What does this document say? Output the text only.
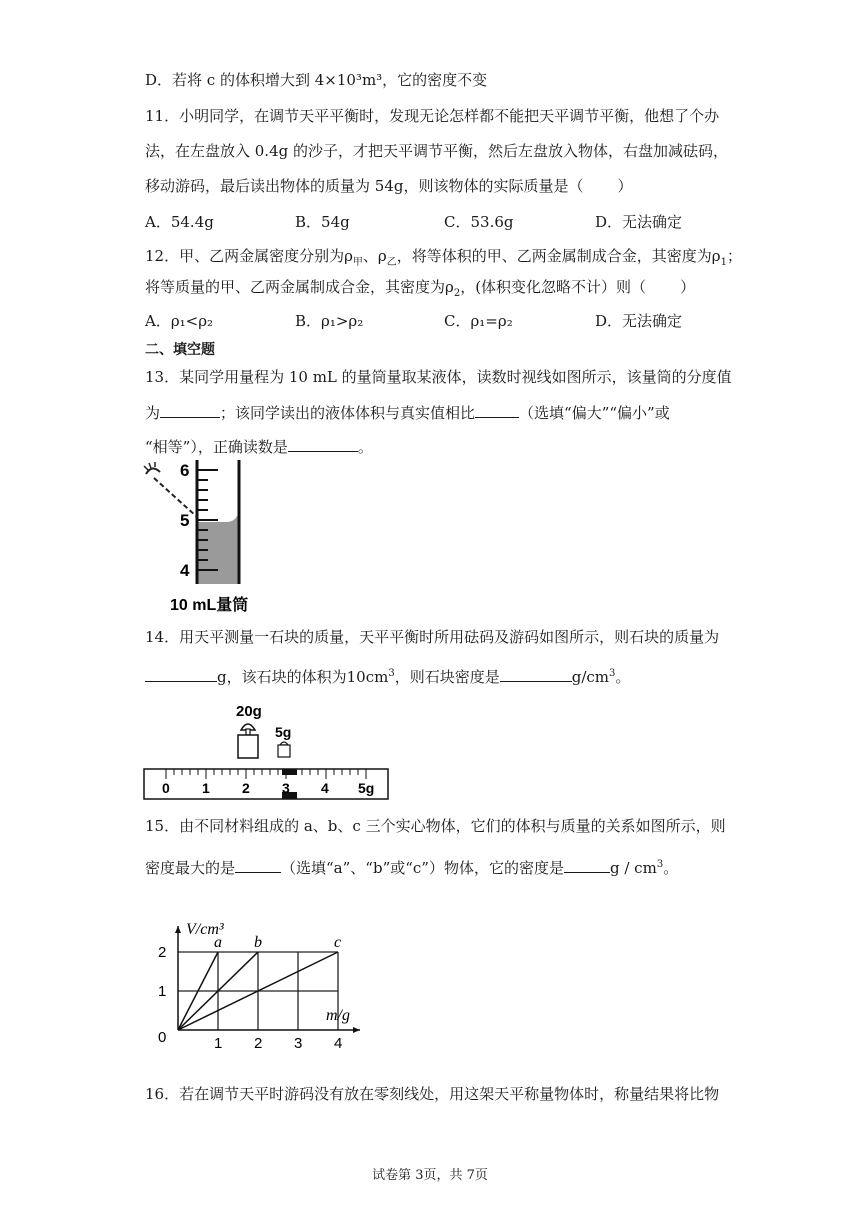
D．若将 c 的体积增大到 4×10³m³，它的密度不变
11．小明同学，在调节天平平衡时，发现无论怎样都不能把天平调节平衡，他想了个办
法，在左盘放入 0.4g 的沙子，才把天平调节平衡，然后左盘放入物体，右盘加减砝码，
移动游码，最后读出物体的质量为 54g，则该物体的实际质量是（ ）
A．54.4g	B．54g	C．53.6g	D．无法确定
12．甲、乙两金属密度分别为$\rho_甲$、$\rho_乙$，将等体积的甲、乙两金属制成合金，其密度为$\rho_1$；
将等质量的甲、乙两金属制成合金，其密度为$\rho_2$，(体积变化忽略不计）则（ ）
A．ρ₁<ρ₂	B．ρ₁>ρ₂	C．ρ₁=ρ₂	D．无法确定
二、填空题
13．某同学用量程为 10 mL 的量筒量取某液体，读数时视线如图所示，该量筒的分度值
为	；该同学读出的液体体积与真实值相比	（选填“偏大”“偏小”或
“相等”），正确读数是	。
6
5
4
10 mL量筒
14．用天平测量一石块的质量，天平平衡时所用砝码及游码如图所示，则石块的质量为
g，该石块的体积为$10cm^3$，则石块密度是	$g/cm^3$。
20g
5g
0 1 2 3 4 5g
15．由不同材料组成的 a、b、c 三个实心物体，它们的体积与质量的关系如图所示，则
密度最大的是	（选填“a”、“b”或“c”）物体，它的密度是	g / $cm^3$。
a b	c
1 2 3 4
0
1
2
V/cm³
m/g
16．若在调节天平时游码没有放在零刻线处，用这架天平称量物体时，称量结果将比物
试卷第 3页，共 7页
